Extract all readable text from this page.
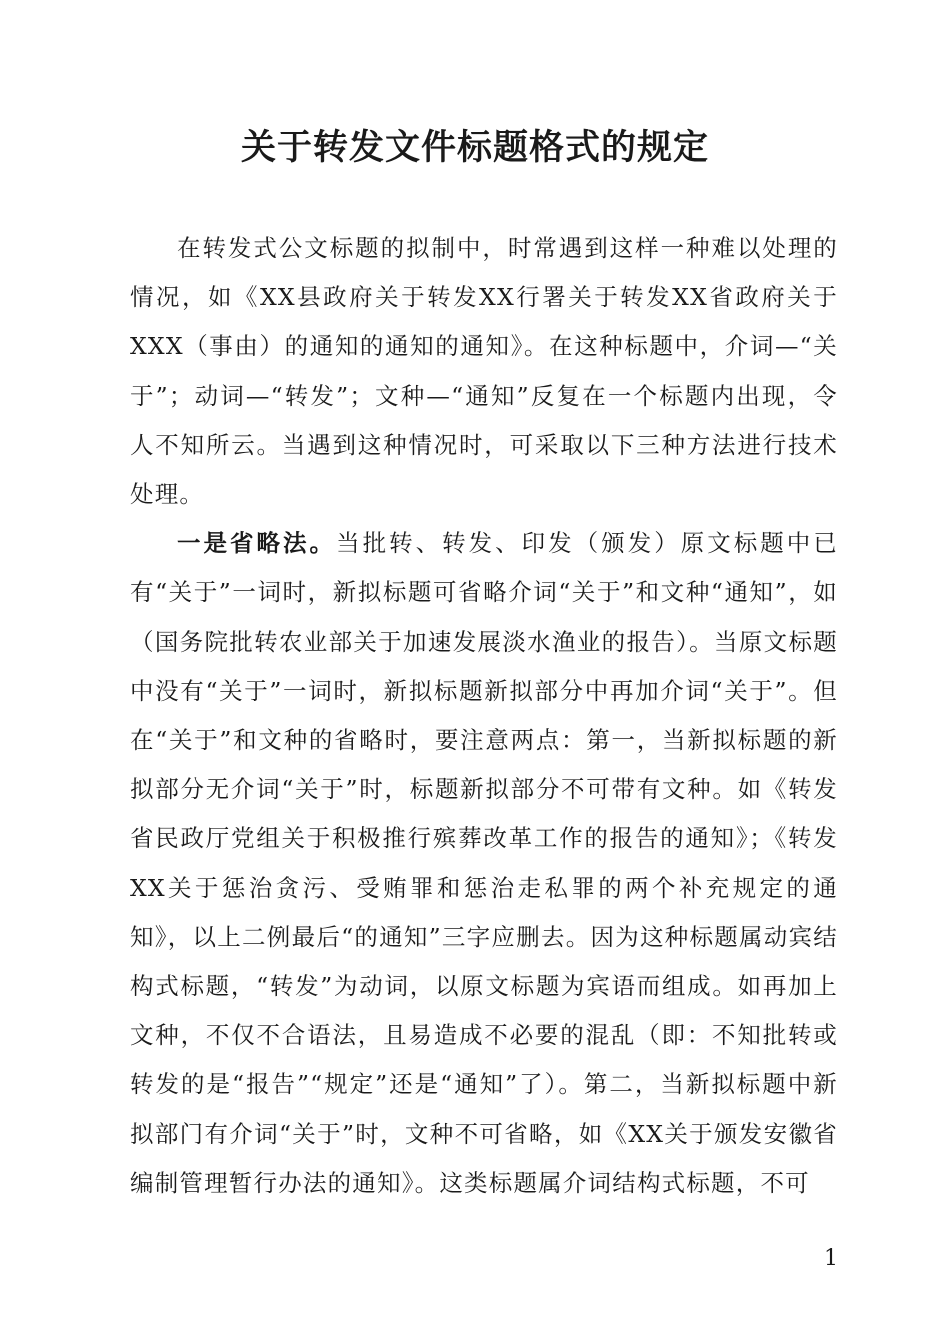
关于转发文件标题格式的规定

在转发式公文标题的拟制中，时常遇到这样一种难以处理的情况，如《XX县政府关于转发XX行署关于转发XX省政府关于XXX（事由）的通知的通知的通知》。在这种标题中，介词—“关于”；动词—“转发”；文种—“通知”反复在一个标题内出现，令人不知所云。当遇到这种情况时，可采取以下三种方法进行技术处理。

一是省略法。当批转、转发、印发（颁发）原文标题中已有“关于”一词时，新拟标题可省略介词“关于”和文种“通知”，如（国务院批转农业部关于加速发展淡水渔业的报告）。当原文标题中没有“关于”一词时，新拟标题新拟部分中再加介词“关于”。但在“关于”和文种的省略时，要注意两点：第一，当新拟标题的新拟部分无介词“关于”时，标题新拟部分不可带有文种。如《转发省民政厅党组关于积极推行殡葬改革工作的报告的通知》；《转发XX关于惩治贪污、受贿罪和惩治走私罪的两个补充规定的通知》，以上二例最后“的通知”三字应删去。因为这种标题属动宾结构式标题，“转发”为动词，以原文标题为宾语而组成。如再加上文种，不仅不合语法，且易造成不必要的混乱（即：不知批转或转发的是“报告”“规定”还是“通知”了）。第二，当新拟标题中新拟部门有介词“关于”时，文种不可省略，如《XX关于颁发安徽省编制管理暂行办法的通知》。这类标题属介词结构式标题，不可

1
